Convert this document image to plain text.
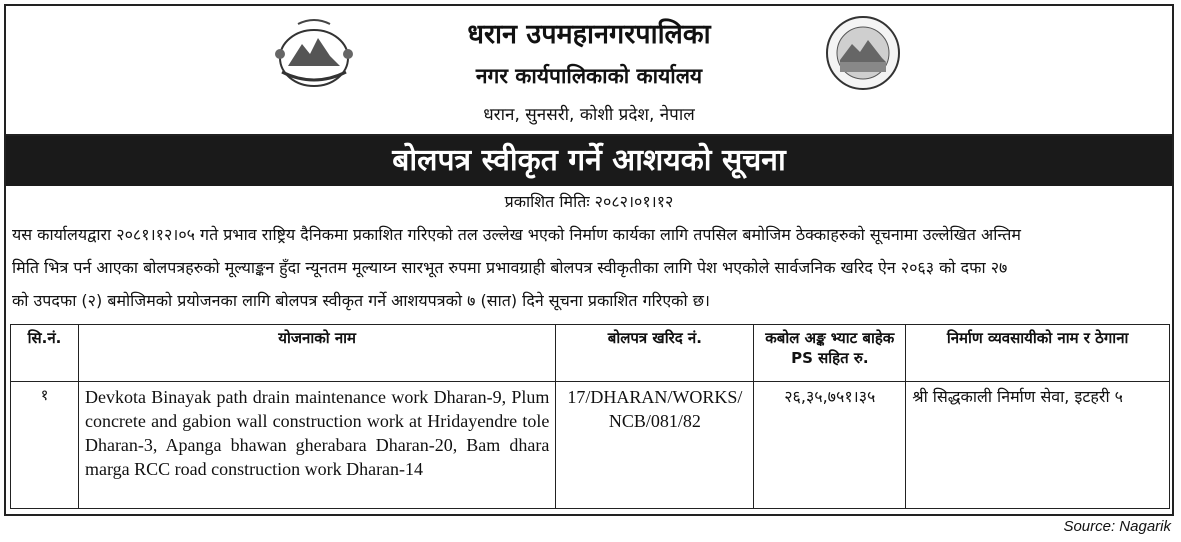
धरान उपमहानगरपालिका
नगर कार्यपालिकाको कार्यालय
धरान, सुनसरी, कोशी प्रदेश, नेपाल
बोलपत्र स्वीकृत गर्ने आशयको सूचना
प्रकाशित मितिः २०८२।०१।१२
यस कार्यालयद्वारा २०८१।१२।०५ गते प्रभाव राष्ट्रिय दैनिकमा प्रकाशित गरिएको तल उल्लेख भएको निर्माण कार्यका लागि तपसिल बमोजिम ठेक्काहरुको सूचनामा उल्लेखित अन्तिम
मिति भित्र पर्न आएका बोलपत्रहरुको मूल्याङ्कन हुँदा न्यूनतम मूल्याय्न सारभूत रुपमा प्रभावग्राही बोलपत्र स्वीकृतीका लागि पेश भएकोले सार्वजनिक खरिद ऐन २०६३ को दफा २७
को उपदफा (२) बमोजिमको प्रयोजनका लागि बोलपत्र स्वीकृत गर्ने आशयपत्रको ७ (सात) दिने सूचना प्रकाशित गरिएको छ।
सि.नं.	योजनाको नाम	बोलपत्र खरिद नं.	कबोल अङ्क भ्याट बाहेक PS सहित रु.	निर्माण व्यवसायीको नाम र ठेगाना
१	Devkota Binayak path drain maintenance work Dharan-9, Plum concrete and gabion wall construction work at Hridayendre tole Dharan-3, Apanga bhawan gherabara Dharan-20, Bam dhara marga RCC road construction work Dharan-14	17/DHARAN/WORKS/ NCB/081/82	२६,३५,७५१।३५	श्री सिद्धकाली निर्माण सेवा, इटहरी ५
Source: Nagarik
